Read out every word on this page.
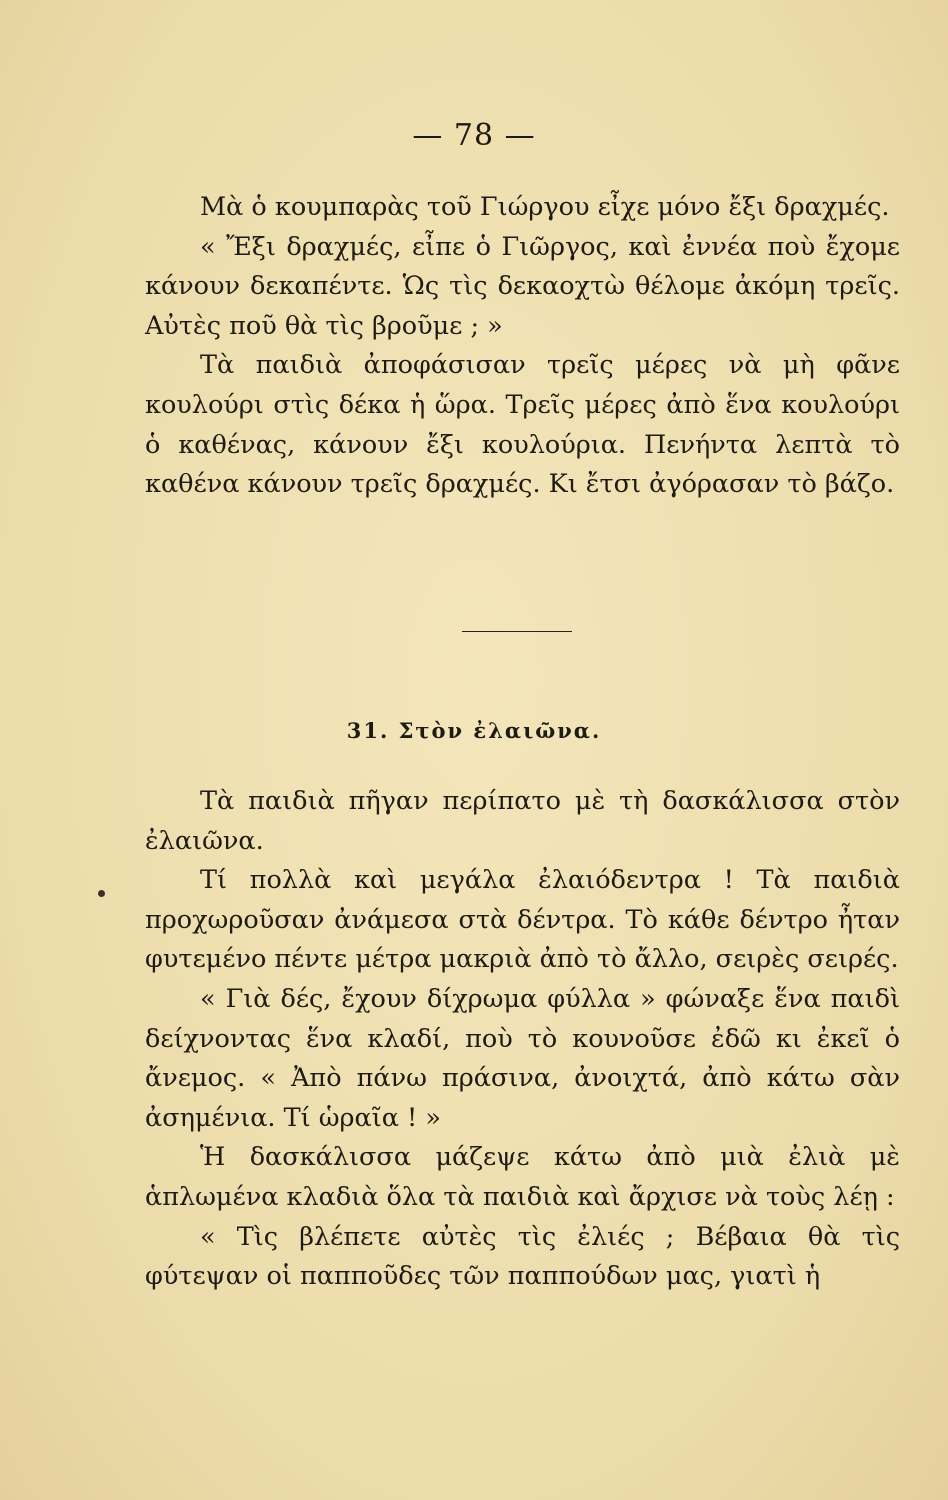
— 78 —

Μὰ ὁ κουμπαρὰς τοῦ Γιώργου εἶχε μόνο ἔξι δραχμές.

« Ἔξι δραχμές, εἶπε ὁ Γιῶργος, καὶ ἐννέα ποὺ ἔχομε κάνουν δεκαπέντε. Ὡς τὶς δεκαοχτὼ θέλομε ἀκόμη τρεῖς. Αὐτὲς ποῦ θὰ τὶς βροῦμε ; »

Τὰ παιδιὰ ἀποφάσισαν τρεῖς μέρες νὰ μὴ φᾶνε κουλούρι στὶς δέκα ἡ ὥρα. Τρεῖς μέρες ἀπὸ ἕνα κουλούρι ὁ καθένας, κάνουν ἔξι κουλούρια. Πενήντα λεπτὰ τὸ καθένα κάνουν τρεῖς δραχμές. Κι ἔτσι ἀγόρασαν τὸ βάζο.

31. Στὸν ἐλαιῶνα.

Τὰ παιδιὰ πῆγαν περίπατο μὲ τὴ δασκάλισσα στὸν ἐλαιῶνα.

Τί πολλὰ καὶ μεγάλα ἐλαιόδεντρα ! Τὰ παιδιὰ προχωροῦσαν ἀνάμεσα στὰ δέντρα. Τὸ κάθε δέντρο ἦταν φυτεμένο πέντε μέτρα μακριὰ ἀπὸ τὸ ἄλλο, σειρὲς σειρές.

« Γιὰ δές, ἔχουν δίχρωμα φύλλα » φώναξε ἕνα παιδὶ δείχνοντας ἕνα κλαδί, ποὺ τὸ κουνοῦσε ἐδῶ κι ἐκεῖ ὁ ἄνεμος. « Ἀπὸ πάνω πράσινα, ἀνοιχτά, ἀπὸ κάτω σὰν ἀσημένια. Τί ὡραῖα ! »

Ἡ δασκάλισσα μάζεψε κάτω ἀπὸ μιὰ ἐλιὰ μὲ ἁπλωμένα κλαδιὰ ὅλα τὰ παιδιὰ καὶ ἄρχισε νὰ τοὺς λέῃ :

« Τὶς βλέπετε αὐτὲς τὶς ἐλιές ; Βέβαια θὰ τὶς φύτεψαν οἱ παπποῦδες τῶν παππούδων μας, γιατὶ ἡ
